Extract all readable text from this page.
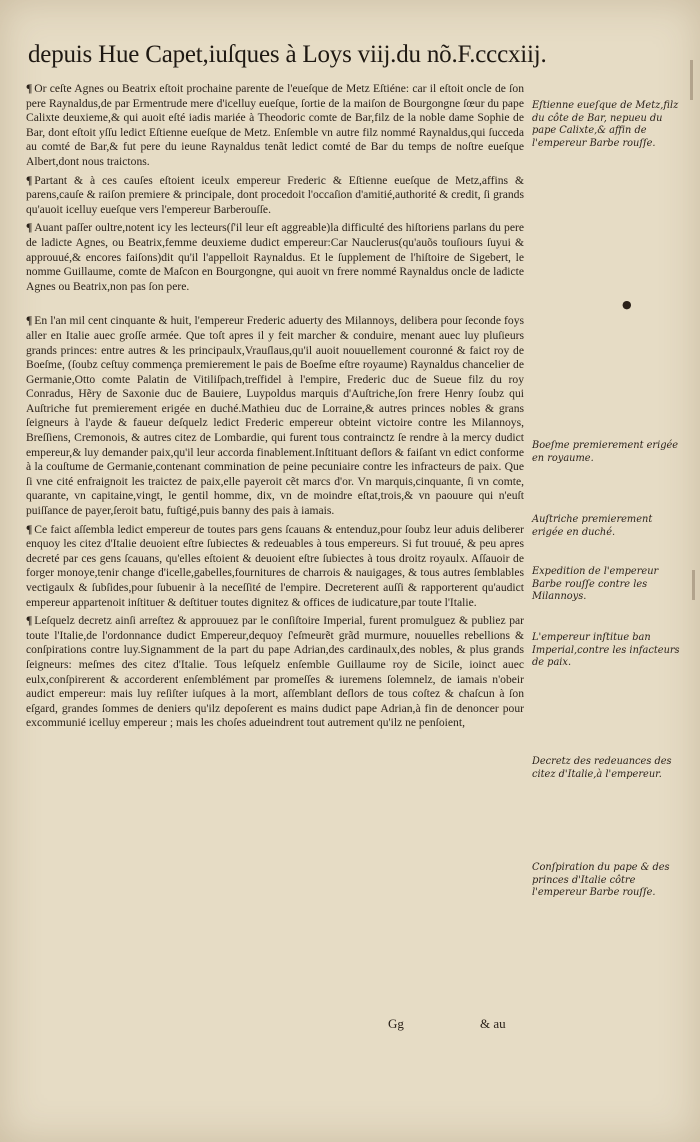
depuis Hue Capet,iuſques à Loys viij.du nõ.F.cccxiij.

¶ Or ceſte Agnes ou Beatrix eſtoit prochaine parente de l'eueſque de Metz Eſtiéne: car il eſtoit oncle de ſon pere Raynaldus,de par Ermentrude mere d'icelluy eueſque, ſortie de la maiſon de Bourgongne ſœur du pape Calixte deuxieme,& qui auoit eſté iadis mariée à Theodoric comte de Bar,filz de la noble dame Sophie de Bar, dont eſtoit yſſu ledict Eſtienne eueſque de Metz. Enſemble vn autre filz nommé Raynaldus,qui ſucceda au comté de Bar,& fut pere du ieune Raynaldus tenãt ledict comté de Bar du temps de noſtre eueſque Albert,dont nous traictons.

¶ Partant & à ces cauſes eſtoient iceulx empereur Frederic & Eſtienne eueſque de Metz,affins & parens,cauſe & raiſon premiere & principale, dont procedoit l'occaſion d'amitié,authorité & credit, ſi grands qu'auoit icelluy eueſque vers l'empereur Barberouſſe.

¶ Auant paſſer oultre,notent icy les lecteurs(ſ'il leur eſt aggreable)la difficulté des hiſtoriens parlans du pere de ladicte Agnes, ou Beatrix,femme deuxieme dudict empereur:Car Nauclerus(qu'auõs touſiours ſuyui & approuué,& encores faiſons)dit qu'il l'appelloit Raynaldus. Et le ſupplement de l'hiſtoire de Sigebert, le nomme Guillaume, comte de Maſcon en Bourgongne, qui auoit vn frere nommé Raynaldus oncle de ladicte Agnes ou Beatrix,non pas ſon pere.

¶ En l'an mil cent cinquante & huit, l'empereur Frederic aduerty des Milannoys, delibera pour ſeconde foys aller en Italie auec groſſe armée. Que toſt apres il y feit marcher & conduire, menant auec luy pluſieurs grands princes: entre autres & les principaulx,Vrauſlaus,qu'il auoit nouuellement couronné & faict roy de Boeſme, (ſoubz ceſtuy commença premierement le pais de Boeſme eſtre royaume) Raynaldus chancelier de Germanie,Otto comte Palatin de Vitiliſpach,treſfidel à l'empire, Frederic duc de Sueue filz du roy Conradus, Hẽry de Saxonie duc de Bauiere, Luypoldus marquis d'Auſtriche,ſon frere Henry ſoubz qui Auſtriche fut premierement erigée en duché.Mathieu duc de Lorraine,& autres princes nobles & grans ſeigneurs à l'ayde & faueur deſquelz ledict Frederic empereur obteint victoire contre les Milannoys, Breſſiens, Cremonois, & autres citez de Lombardie, qui furent tous contrainctz ſe rendre à la mercy dudict empereur,& luy demander paix,qu'il leur accorda finablement.Inſtituant deſlors & faiſant vn edict conforme à la couſtume de Germanie,contenant commination de peine pecuniaire contre les infracteurs de paix. Que ſi vne cité enfraignoit les traictez de paix,elle payeroit cẽt marcs d'or. Vn marquis,cinquante, ſi vn comte, quarante, vn capitaine,vingt, le gentil homme, dix, vn de moindre eſtat,trois,& vn paouure qui n'euſt puiſſance de payer,ſeroit batu, fuſtigé,puis banny des pais à iamais.

¶ Ce faict aſſembla ledict empereur de toutes pars gens ſcauans & entenduz,pour ſoubz leur aduis deliberer enquoy les citez d'Italie deuoient eſtre ſubiectes & redeuables à tous empereurs. Si fut trouué, & peu apres decreté par ces gens ſcauans, qu'elles eſtoient & deuoient eſtre ſubiectes à tous droitz royaulx. Aſſauoir de forger monoye,tenir change d'icelle,gabelles,fournitures de charrois & nauigages, & tous autres ſemblables vectigaulx & ſubſides,pour ſubuenir à la neceſſité de l'empire. Decreterent auſſi & rapporterent qu'audict empereur appartenoit inſtituer & deſtituer toutes dignitez & offices de iudicature,par toute l'Italie.

¶ Leſquelz decretz ainſi arreſtez & approuuez par le conſiſtoire Imperial, furent promulguez & publiez par toute l'Italie,de l'ordonnance dudict Empereur,dequoy ſ'eſmeurẽt grãd murmure, nouuelles rebellions & conſpirations contre luy.Signamment de la part du pape Adrian,des cardinaulx,des nobles, & plus grands ſeigneurs: meſmes des citez d'Italie. Tous leſquelz enſemble Guillaume roy de Sicile, ioinct auec eulx,conſpirerent & accorderent enſemblément par promeſſes & iuremens ſolemnelz, de iamais n'obeir audict empereur: mais luy reſiſter iuſques à la mort, aſſemblant deſlors de tous coſtez & chaſcun à ſon eſgard, grandes ſommes de deniers qu'ilz depoſerent es mains dudict pape Adrian,à fin de denoncer pour excommunié icelluy empereur ; mais les choſes adueindrent tout autrement qu'ilz ne penſoient,

Eſtienne eueſque de Metz,filz du côte de Bar, nepueu du pape Calixte,& affin de l'empereur Barbe rouſſe.
Boeſme premierement erigée en royaume.
Auſtriche premierement erigée en duché.
Expedition de l'empereur Barbe rouſſe contre les Milannoys.
L'empereur inſtitue ban Imperial,contre les infacteurs de paix.
Decretz des redeuances des citez d'Italie,à l'empereur.
Conſpiration du pape & des princes d'Italie côtre l'empereur Barbe rouſſe.
●
Gg	& au
